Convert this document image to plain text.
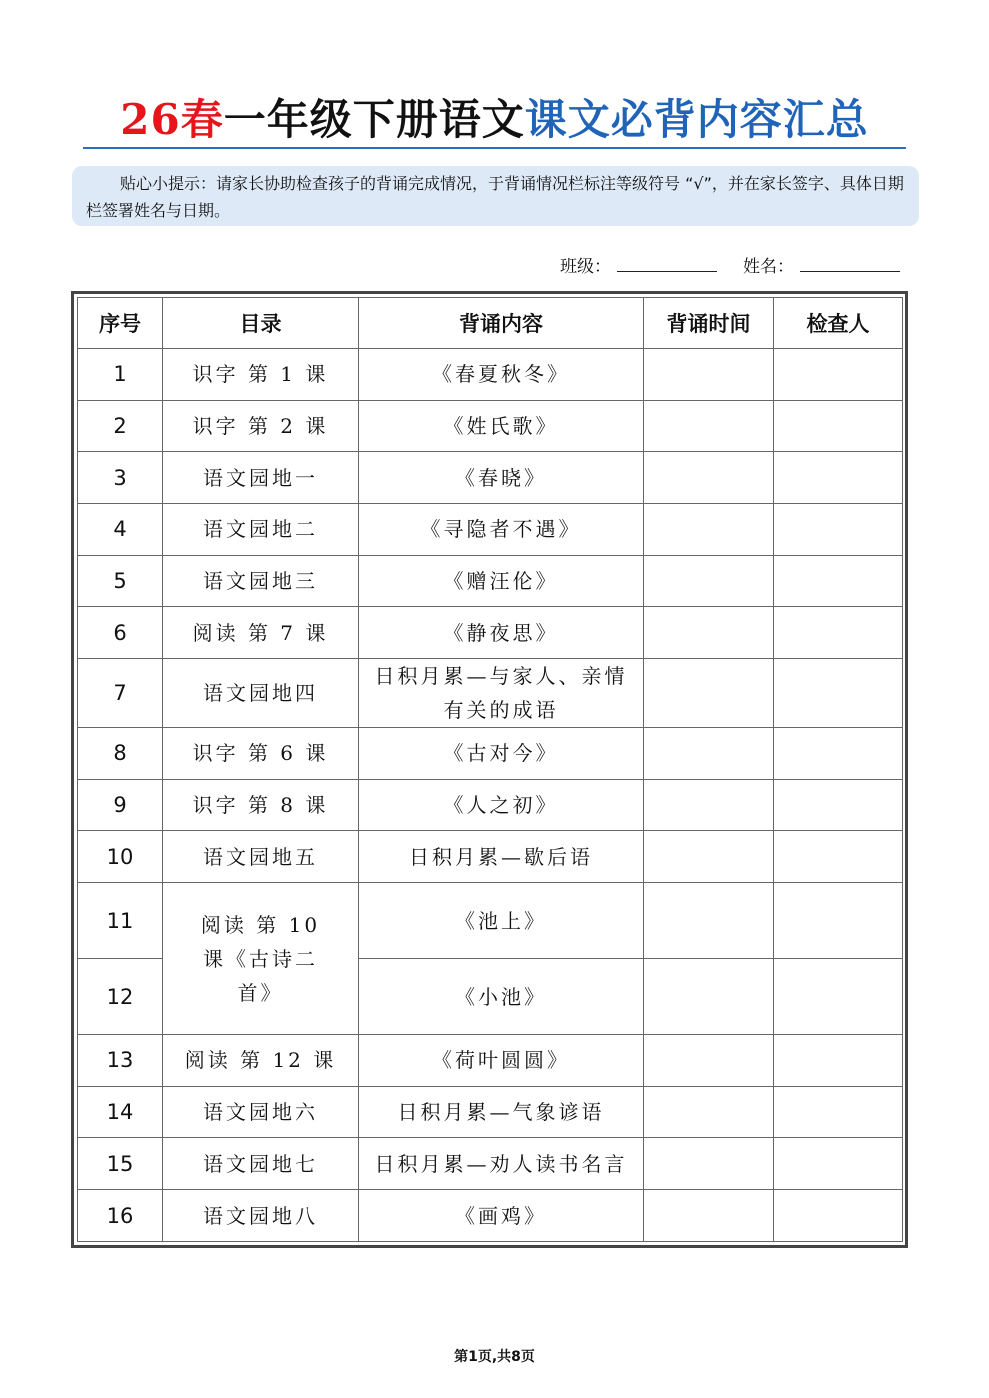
26春一年级下册语文课文必背内容汇总
贴心小提示：请家长协助检查孩子的背诵完成情况，于背诵情况栏标注等级符号 “√”，并在家长签字、具体日期栏签署姓名与日期。
班级：	姓名：
序号	目录	背诵内容	背诵时间	检查人
1	识字 第 1 课	《春夏秋冬》		
2	识字 第 2 课	《姓氏歌》		
3	语文园地一	《春晓》		
4	语文园地二	《寻隐者不遇》		
5	语文园地三	《赠汪伦》		
6	阅读 第 7 课	《静夜思》		
7	语文园地四	日积月累—与家人、亲情有关的成语		
8	识字 第 6 课	《古对今》		
9	识字 第 8 课	《人之初》		
10	语文园地五	日积月累—歇后语		
11	阅读 第 10 课《古诗二首》	《池上》		
12		《小池》		
13	阅读 第 12 课	《荷叶圆圆》		
14	语文园地六	日积月累—气象谚语		
15	语文园地七	日积月累—劝人读书名言		
16	语文园地八	《画鸡》		
第1页,共8页
